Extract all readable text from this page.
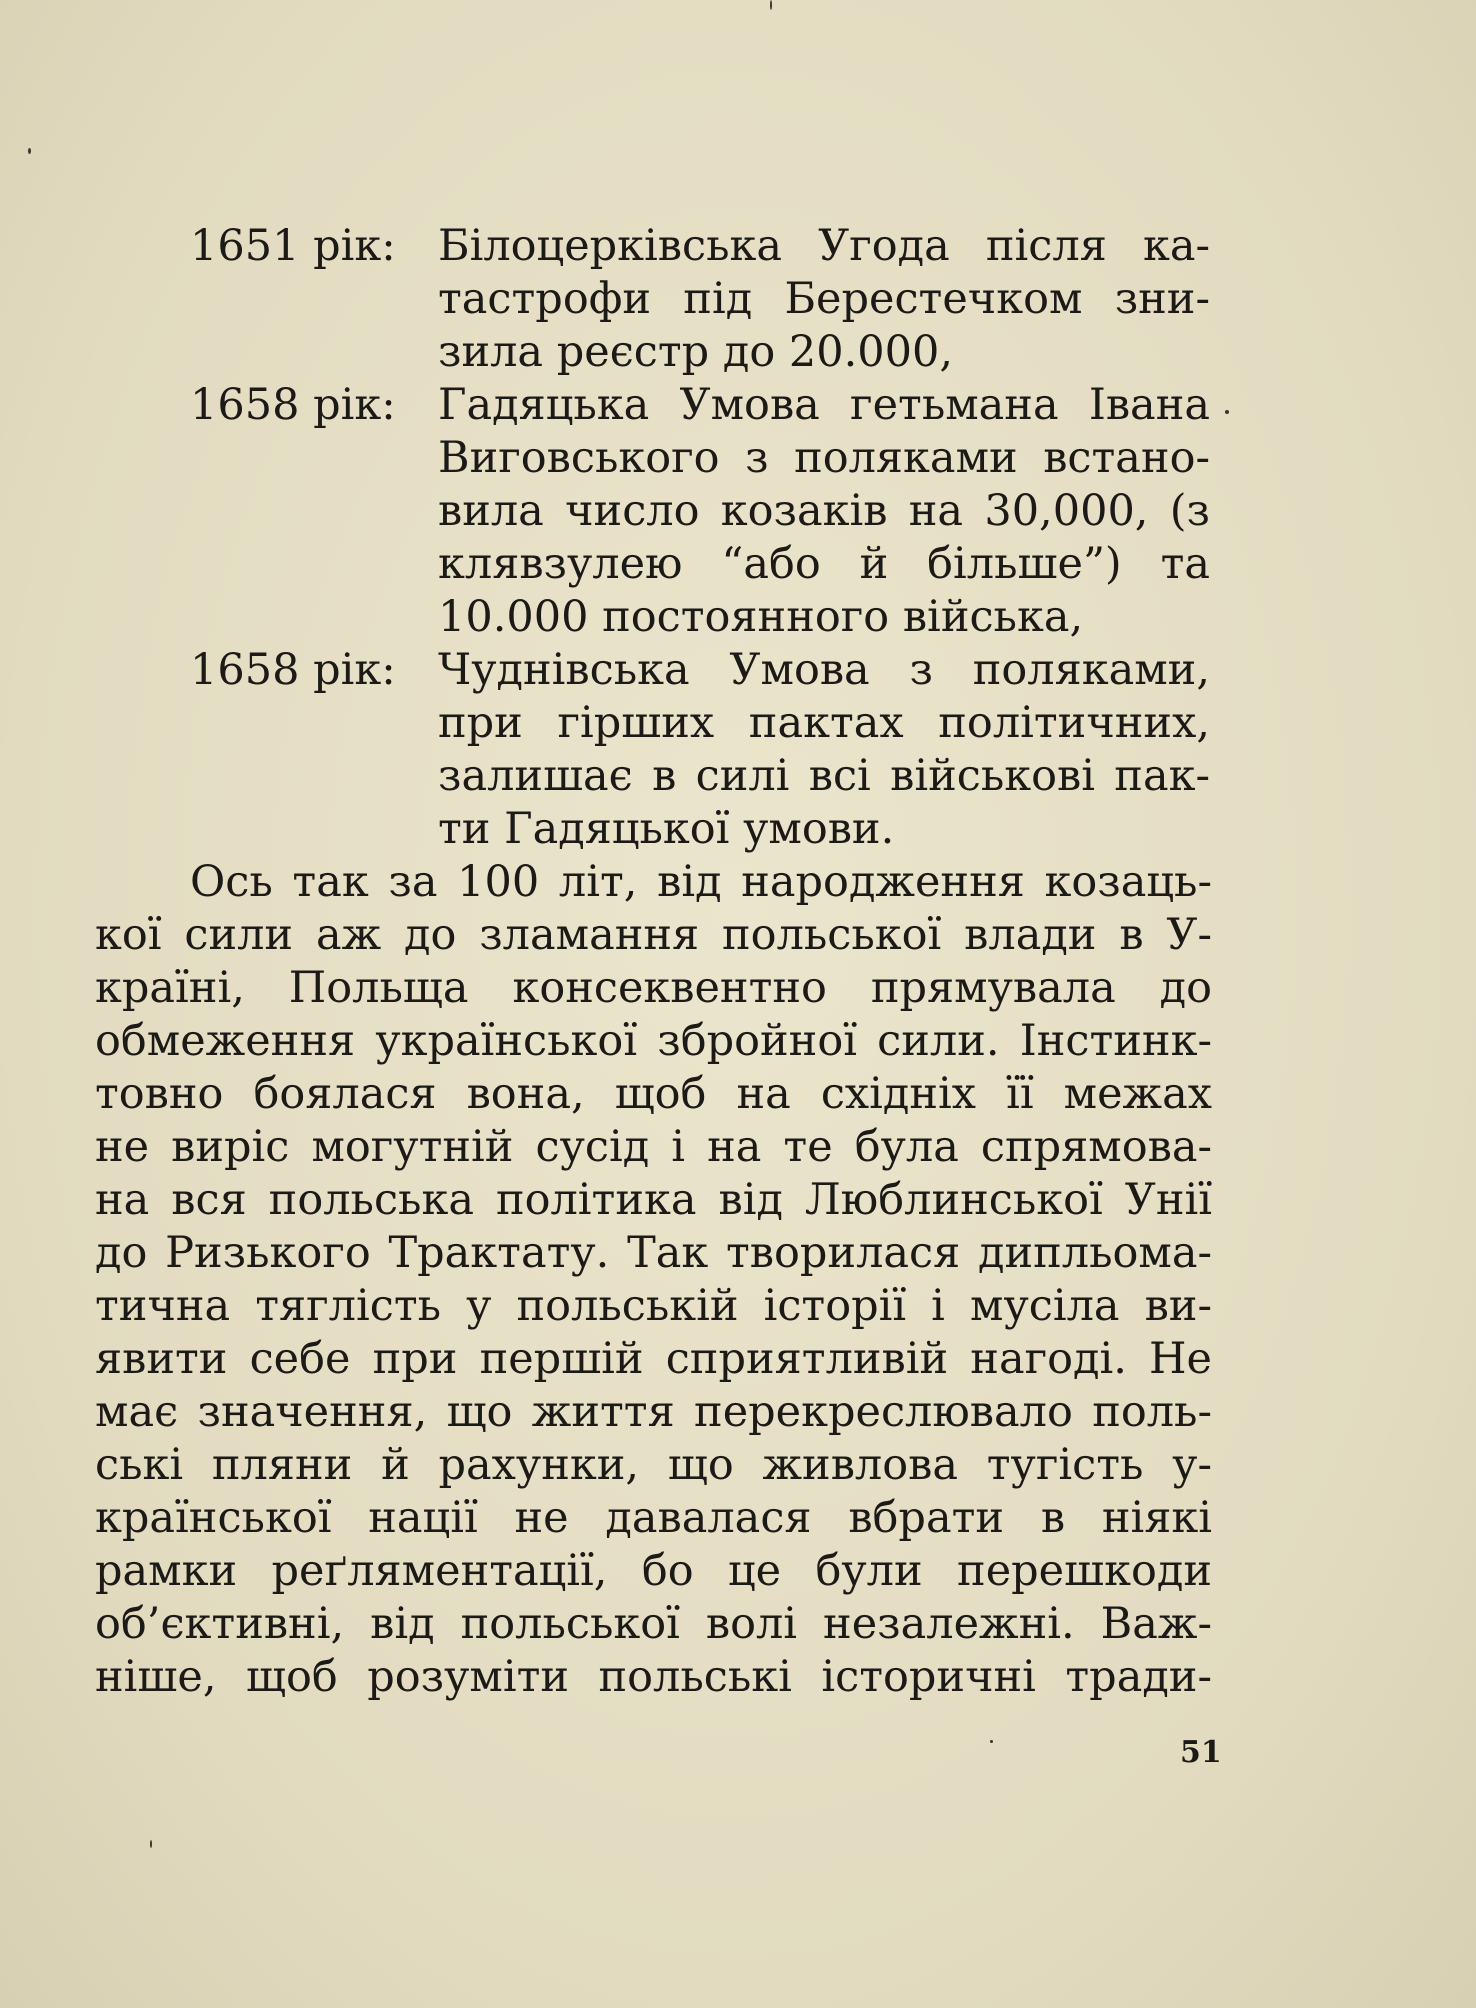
1651 рік: Білоцерківська Угода після ка-
тастрофи під Берестечком зни-
зила реєстр до 20.000,
1658 рік: Гадяцька Умова гетьмана Івана
Виговського з поляками встано-
вила число козаків на 30,000, (з
клявзулею “або й більше”) та
10.000 постоянного війська,
1658 рік: Чуднівська Умова з поляками,
при гірших пактах політичних,
залишає в силі всі військові пак-
ти Гадяцької умови.
Ось так за 100 літ, від народження козаць-
кої сили аж до зламання польської влади в У-
країні, Польща консеквентно прямувала до
обмеження української збройної сили. Інстинк-
товно боялася вона, щоб на східніх її межах
не виріс могутній сусід і на те була спрямова-
на вся польська політика від Люблинської Унії
до Ризького Трактату. Так творилася дипльома-
тична тяглість у польській історії і мусіла ви-
явити себе при першій сприятливій нагоді. Не
має значення, що життя перекреслювало поль-
ські пляни й рахунки, що живлова тугість у-
країнської нації не давалася вбрати в ніякі
рамки реґляментації, бо це були перешкоди
об’єктивні, від польської волі незалежні. Важ-
ніше, щоб розуміти польські історичні тради-
51
